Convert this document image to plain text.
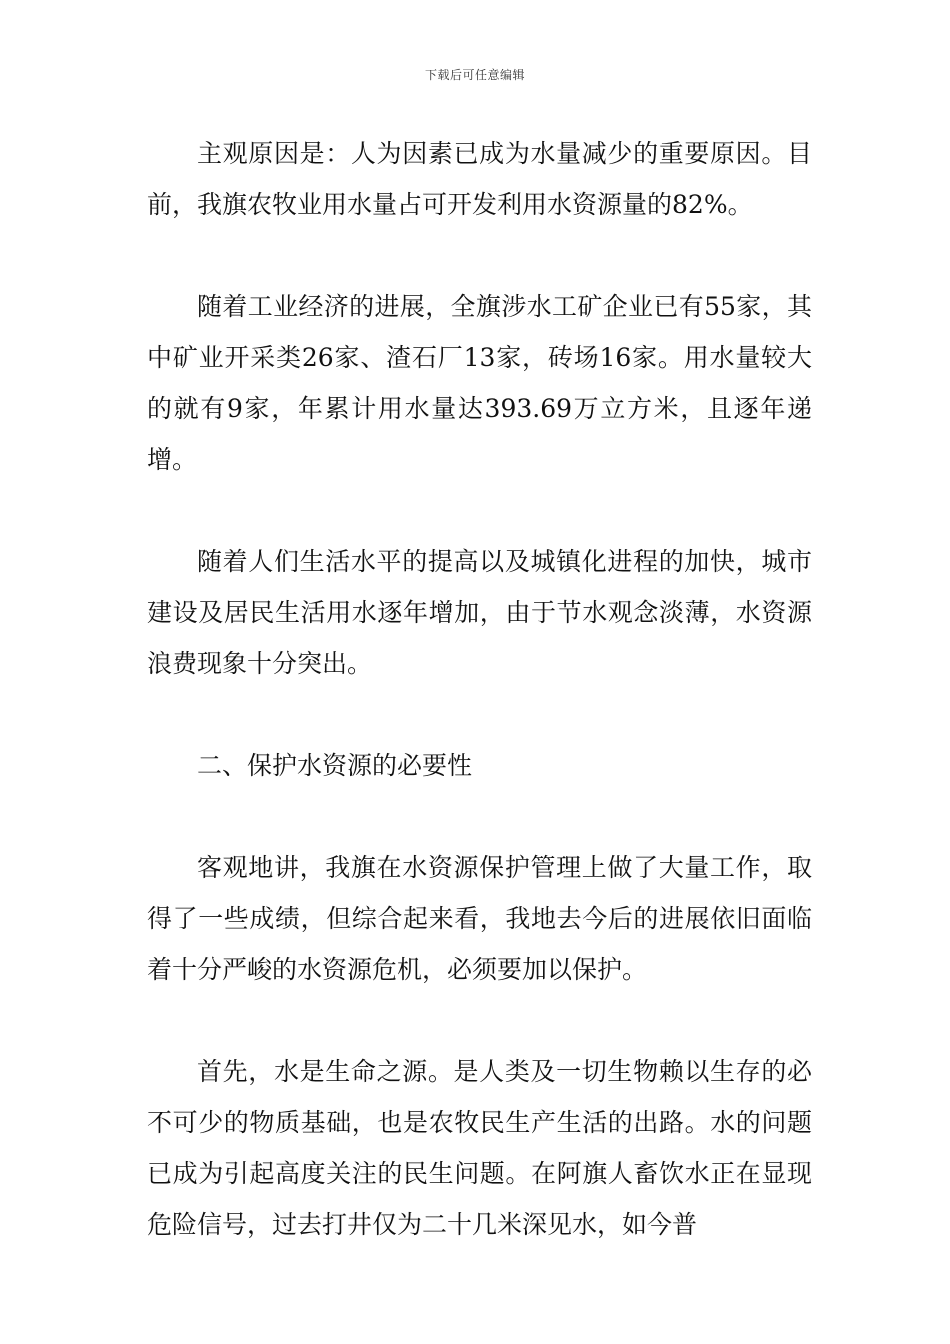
下载后可任意编辑

主观原因是：人为因素已成为水量减少的重要原因。目前，我旗农牧业用水量占可开发利用水资源量的82%。

随着工业经济的进展，全旗涉水工矿企业已有55家，其中矿业开采类26家、渣石厂13家，砖场16家。用水量较大的就有9家，年累计用水量达393.69万立方米，且逐年递增。

随着人们生活水平的提高以及城镇化进程的加快，城市建设及居民生活用水逐年增加，由于节水观念淡薄，水资源浪费现象十分突出。

二、保护水资源的必要性

客观地讲，我旗在水资源保护管理上做了大量工作，取得了一些成绩，但综合起来看，我地去今后的进展依旧面临着十分严峻的水资源危机，必须要加以保护。

首先，水是生命之源。是人类及一切生物赖以生存的必不可少的物质基础，也是农牧民生产生活的出路。水的问题已成为引起高度关注的民生问题。在阿旗人畜饮水正在显现危险信号，过去打井仅为二十几米深见水，如今普
